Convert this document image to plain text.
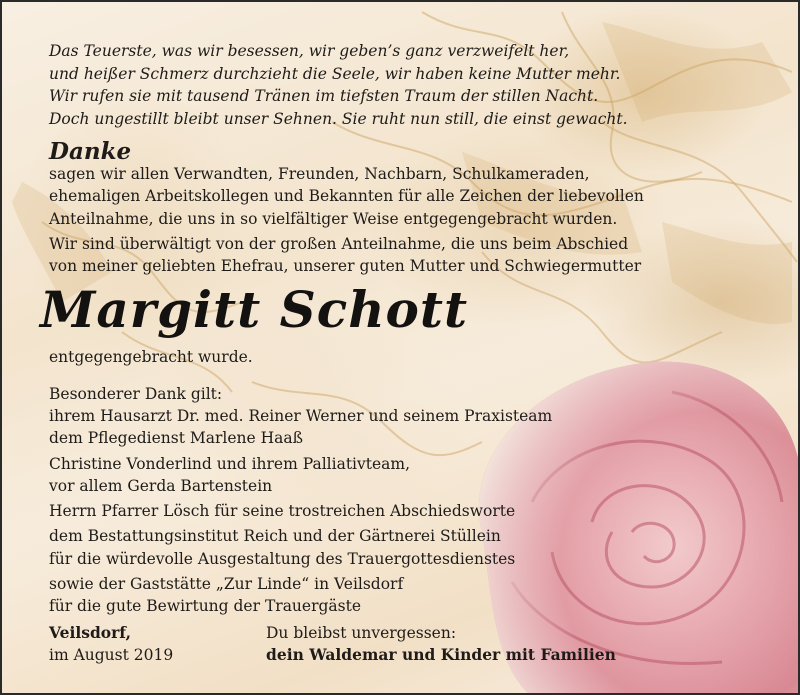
Das Teuerste, was wir besessen, wir geben’s ganz verzweifelt her,
und heißer Schmerz durchzieht die Seele, wir haben keine Mutter mehr.
Wir rufen sie mit tausend Tränen im tiefsten Traum der stillen Nacht.
Doch ungestillt bleibt unser Sehnen. Sie ruht nun still, die einst gewacht.
Danke
sagen wir allen Verwandten, Freunden, Nachbarn, Schulkameraden,
ehemaligen Arbeitskollegen und Bekannten für alle Zeichen der liebevollen
Anteilnahme, die uns in so vielfältiger Weise entgegengebracht wurden.
Wir sind überwältigt von der großen Anteilnahme, die uns beim Abschied
von meiner geliebten Ehefrau, unserer guten Mutter und Schwiegermutter
Margitt Schott
entgegengebracht wurde.
Besonderer Dank gilt:
ihrem Hausarzt Dr. med. Reiner Werner und seinem Praxisteam
dem Pflegedienst Marlene Haaß
Christine Vonderlind und ihrem Palliativteam,
vor allem Gerda Bartenstein
Herrn Pfarrer Lösch für seine trostreichen Abschiedsworte
dem Bestattungsinstitut Reich und der Gärtnerei Stüllein
für die würdevolle Ausgestaltung des Trauergottesdienstes
sowie der Gaststätte „Zur Linde“ in Veilsdorf
für die gute Bewirtung der Trauergäste
Veilsdorf,
im August 2019
Du bleibst unvergessen:
dein Waldemar und Kinder mit Familien
